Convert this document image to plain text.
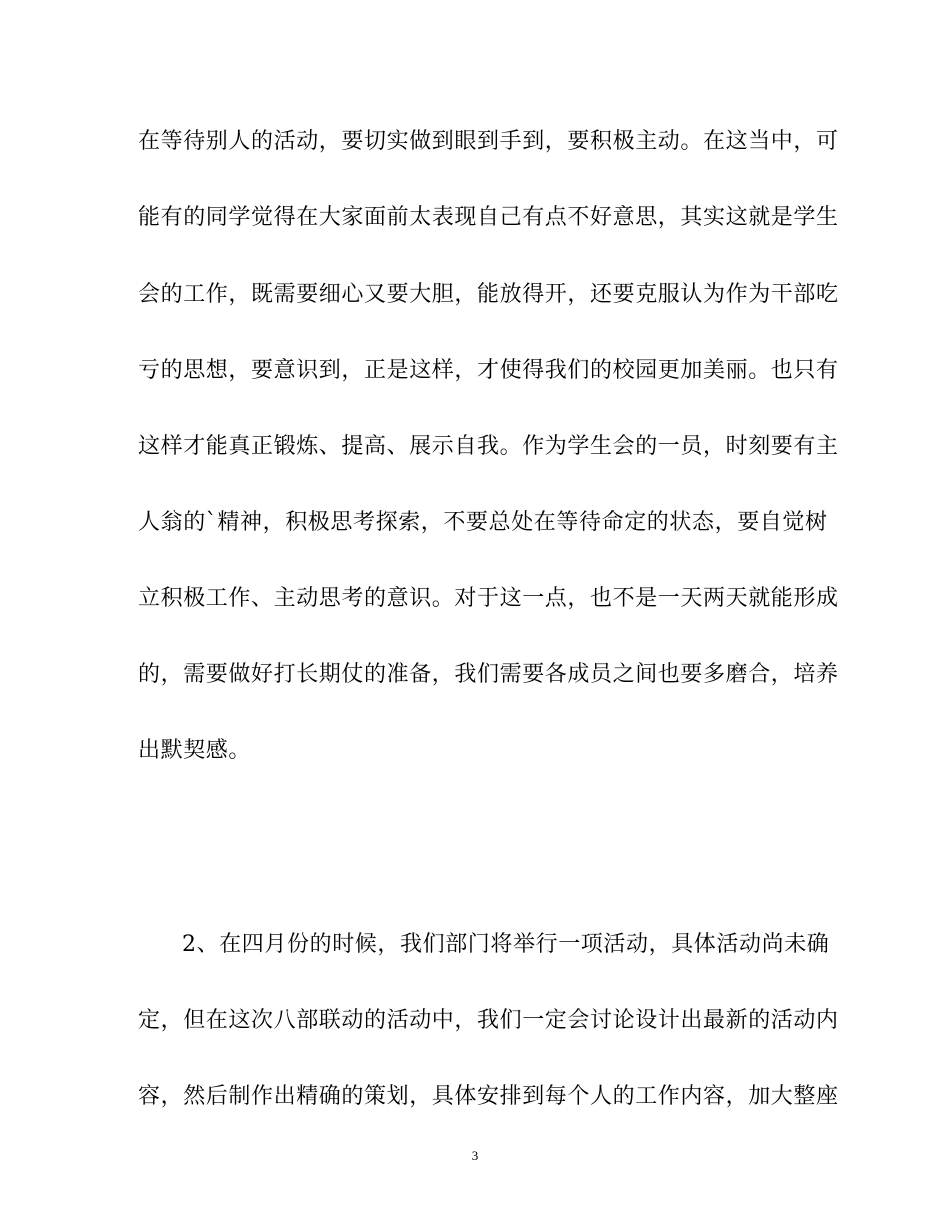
在等待别人的活动，要切实做到眼到手到，要积极主动。在这当中，可
能有的同学觉得在大家面前太表现自己有点不好意思，其实这就是学生
会的工作，既需要细心又要大胆，能放得开，还要克服认为作为干部吃
亏的思想，要意识到，正是这样，才使得我们的校园更加美丽。也只有
这样才能真正锻炼、提高、展示自我。作为学生会的一员，时刻要有主
人翁的`精神，积极思考探索，不要总处在等待命定的状态，要自觉树
立积极工作、主动思考的意识。对于这一点，也不是一天两天就能形成
的，需要做好打长期仗的准备，我们需要各成员之间也要多磨合，培养
出默契感。
2、在四月份的时候，我们部门将举行一项活动，具体活动尚未确
定，但在这次八部联动的活动中，我们一定会讨论设计出最新的活动内
容，然后制作出精确的策划，具体安排到每个人的工作内容，加大整座
3
